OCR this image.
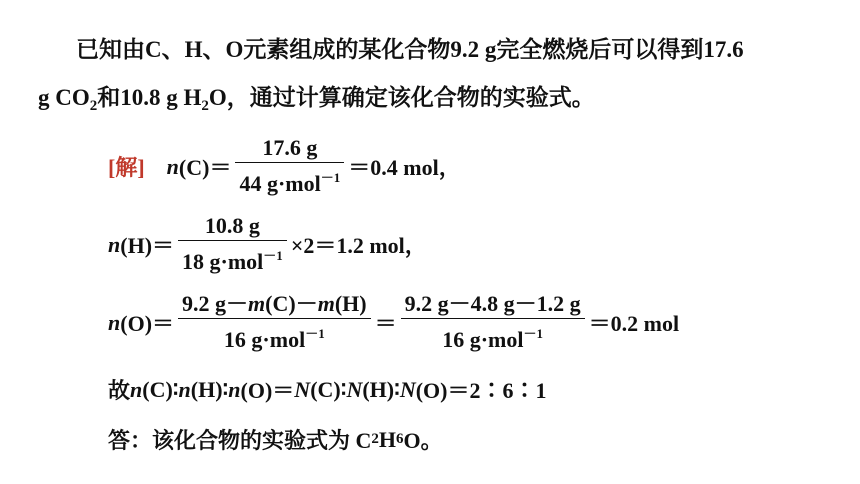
已知由C、H、O元素组成的某化合物9.2 g完全燃烧后可以得到17.6
g $CO_2$和10.8 g $H_2O$，通过计算确定该化合物的实验式。
[解] n $(C)= \frac{17.6 g}{44 g\cdot mol^{-1}} =0.4$ mol，
n $(H)= \frac{10.8 g}{18 g\cdot mol^{-1}} \times 2=1.2$ mol，
n $(O)= \frac{9.2 g-m(C)-m(H)}{16 g\cdot mol^{-1}} = \frac{9.2 g-4.8 g-1.2 g}{16 g\cdot mol^{-1}} =0.2$ mol
故 n (C)∶ n (H)∶ n (O)＝ N (C)∶ N (H)∶ N (O)＝2∶6∶1
答：该化合物的实验式为 C 2 H 6 O。
